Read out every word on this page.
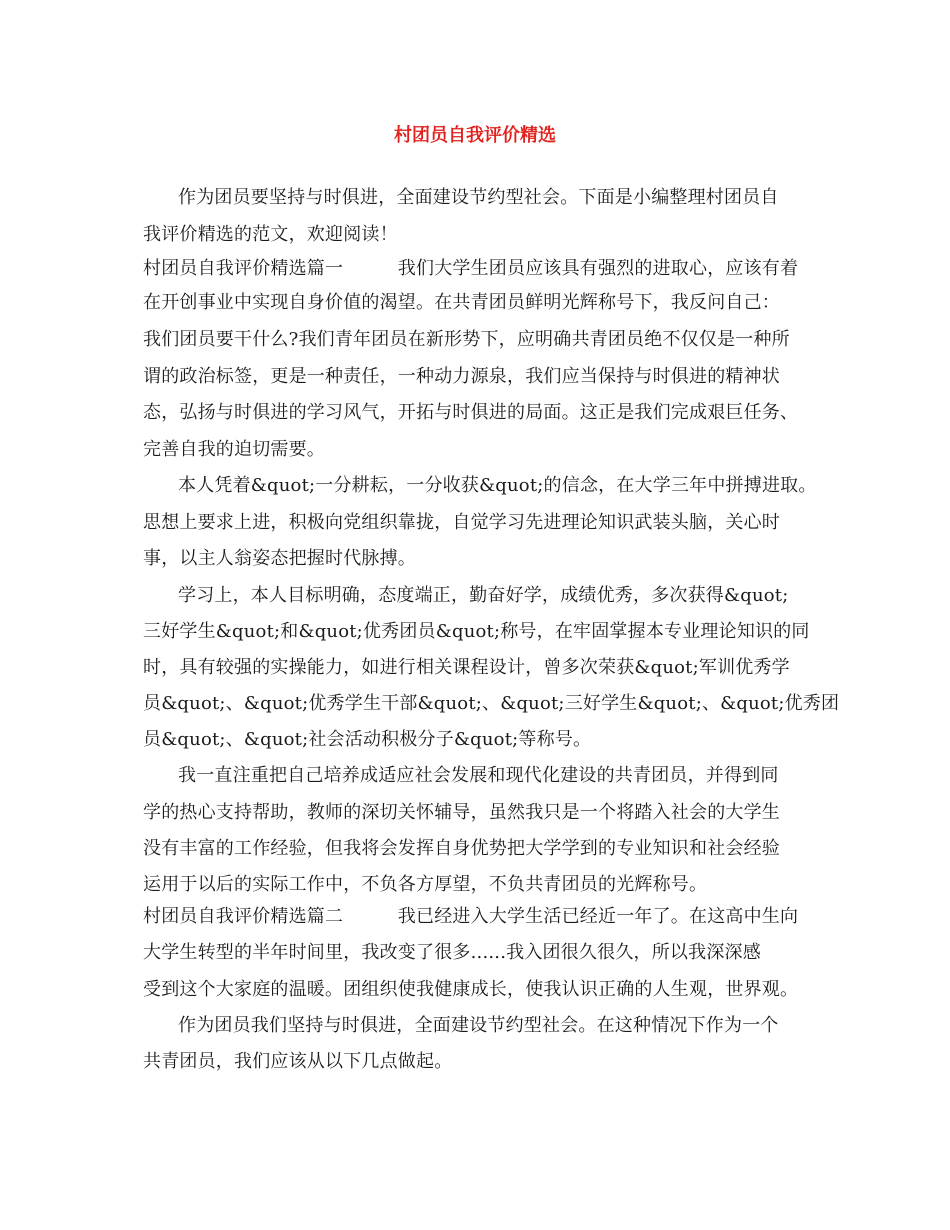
村团员自我评价精选
作为团员要坚持与时俱进，全面建设节约型社会。下面是小编整理村团员自
我评价精选的范文，欢迎阅读！
村团员自我评价精选篇一　　　我们大学生团员应该具有强烈的进取心，应该有着
在开创事业中实现自身价值的渴望。在共青团员鲜明光辉称号下，我反问自己：
我们团员要干什么?我们青年团员在新形势下，应明确共青团员绝不仅仅是一种所
谓的政治标签，更是一种责任，一种动力源泉，我们应当保持与时俱进的精神状
态，弘扬与时俱进的学习风气，开拓与时俱进的局面。这正是我们完成艰巨任务、
完善自我的迫切需要。
本人凭着&quot;一分耕耘，一分收获&quot;的信念，在大学三年中拼搏进取。
思想上要求上进，积极向党组织靠拢，自觉学习先进理论知识武装头脑，关心时
事，以主人翁姿态把握时代脉搏。
学习上，本人目标明确，态度端正，勤奋好学，成绩优秀，多次获得&quot;
三好学生&quot;和&quot;优秀团员&quot;称号，在牢固掌握本专业理论知识的同
时，具有较强的实操能力，如进行相关课程设计，曾多次荣获&quot;军训优秀学
员&quot;、&quot;优秀学生干部&quot;、&quot;三好学生&quot;、&quot;优秀团
员&quot;、&quot;社会活动积极分子&quot;等称号。
我一直注重把自己培养成适应社会发展和现代化建设的共青团员，并得到同
学的热心支持帮助，教师的深切关怀辅导，虽然我只是一个将踏入社会的大学生
没有丰富的工作经验，但我将会发挥自身优势把大学学到的专业知识和社会经验
运用于以后的实际工作中，不负各方厚望，不负共青团员的光辉称号。
村团员自我评价精选篇二　　　我已经进入大学生活已经近一年了。在这高中生向
大学生转型的半年时间里，我改变了很多......我入团很久很久，所以我深深感
受到这个大家庭的温暖。团组织使我健康成长，使我认识正确的人生观，世界观。
作为团员我们坚持与时俱进，全面建设节约型社会。在这种情况下作为一个
共青团员，我们应该从以下几点做起。
